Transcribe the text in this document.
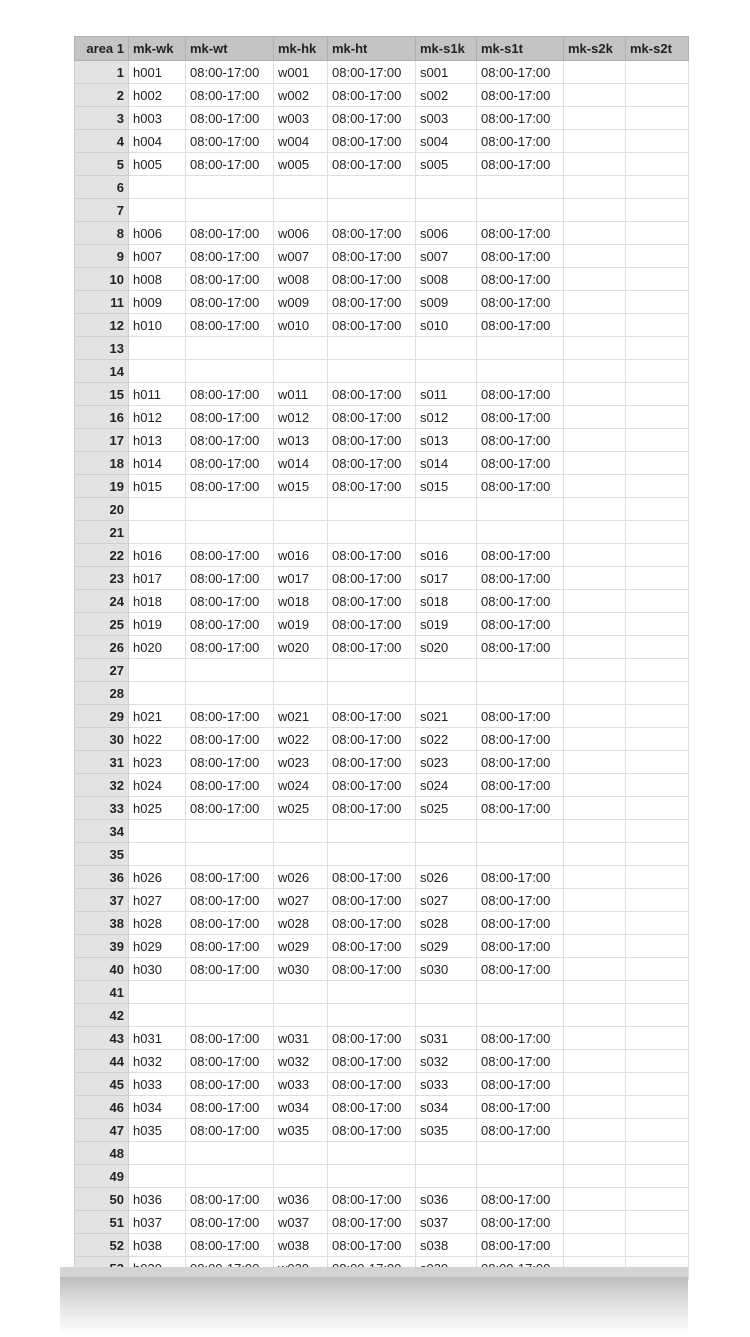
area 1	mk-wk	mk-wt	mk-hk	mk-ht	mk-s1k	mk-s1t	mk-s2k	mk-s2t
1	h001	08:00-17:00	w001	08:00-17:00	s001	08:00-17:00		
2	h002	08:00-17:00	w002	08:00-17:00	s002	08:00-17:00		
3	h003	08:00-17:00	w003	08:00-17:00	s003	08:00-17:00		
4	h004	08:00-17:00	w004	08:00-17:00	s004	08:00-17:00		
5	h005	08:00-17:00	w005	08:00-17:00	s005	08:00-17:00		
6								
7								
8	h006	08:00-17:00	w006	08:00-17:00	s006	08:00-17:00		
9	h007	08:00-17:00	w007	08:00-17:00	s007	08:00-17:00		
10	h008	08:00-17:00	w008	08:00-17:00	s008	08:00-17:00		
11	h009	08:00-17:00	w009	08:00-17:00	s009	08:00-17:00		
12	h010	08:00-17:00	w010	08:00-17:00	s010	08:00-17:00		
13								
14								
15	h011	08:00-17:00	w011	08:00-17:00	s011	08:00-17:00		
16	h012	08:00-17:00	w012	08:00-17:00	s012	08:00-17:00		
17	h013	08:00-17:00	w013	08:00-17:00	s013	08:00-17:00		
18	h014	08:00-17:00	w014	08:00-17:00	s014	08:00-17:00		
19	h015	08:00-17:00	w015	08:00-17:00	s015	08:00-17:00		
20								
21								
22	h016	08:00-17:00	w016	08:00-17:00	s016	08:00-17:00		
23	h017	08:00-17:00	w017	08:00-17:00	s017	08:00-17:00		
24	h018	08:00-17:00	w018	08:00-17:00	s018	08:00-17:00		
25	h019	08:00-17:00	w019	08:00-17:00	s019	08:00-17:00		
26	h020	08:00-17:00	w020	08:00-17:00	s020	08:00-17:00		
27								
28								
29	h021	08:00-17:00	w021	08:00-17:00	s021	08:00-17:00		
30	h022	08:00-17:00	w022	08:00-17:00	s022	08:00-17:00		
31	h023	08:00-17:00	w023	08:00-17:00	s023	08:00-17:00		
32	h024	08:00-17:00	w024	08:00-17:00	s024	08:00-17:00		
33	h025	08:00-17:00	w025	08:00-17:00	s025	08:00-17:00		
34								
35								
36	h026	08:00-17:00	w026	08:00-17:00	s026	08:00-17:00		
37	h027	08:00-17:00	w027	08:00-17:00	s027	08:00-17:00		
38	h028	08:00-17:00	w028	08:00-17:00	s028	08:00-17:00		
39	h029	08:00-17:00	w029	08:00-17:00	s029	08:00-17:00		
40	h030	08:00-17:00	w030	08:00-17:00	s030	08:00-17:00		
41								
42								
43	h031	08:00-17:00	w031	08:00-17:00	s031	08:00-17:00		
44	h032	08:00-17:00	w032	08:00-17:00	s032	08:00-17:00		
45	h033	08:00-17:00	w033	08:00-17:00	s033	08:00-17:00		
46	h034	08:00-17:00	w034	08:00-17:00	s034	08:00-17:00		
47	h035	08:00-17:00	w035	08:00-17:00	s035	08:00-17:00		
48								
49								
50	h036	08:00-17:00	w036	08:00-17:00	s036	08:00-17:00		
51	h037	08:00-17:00	w037	08:00-17:00	s037	08:00-17:00		
52	h038	08:00-17:00	w038	08:00-17:00	s038	08:00-17:00		
